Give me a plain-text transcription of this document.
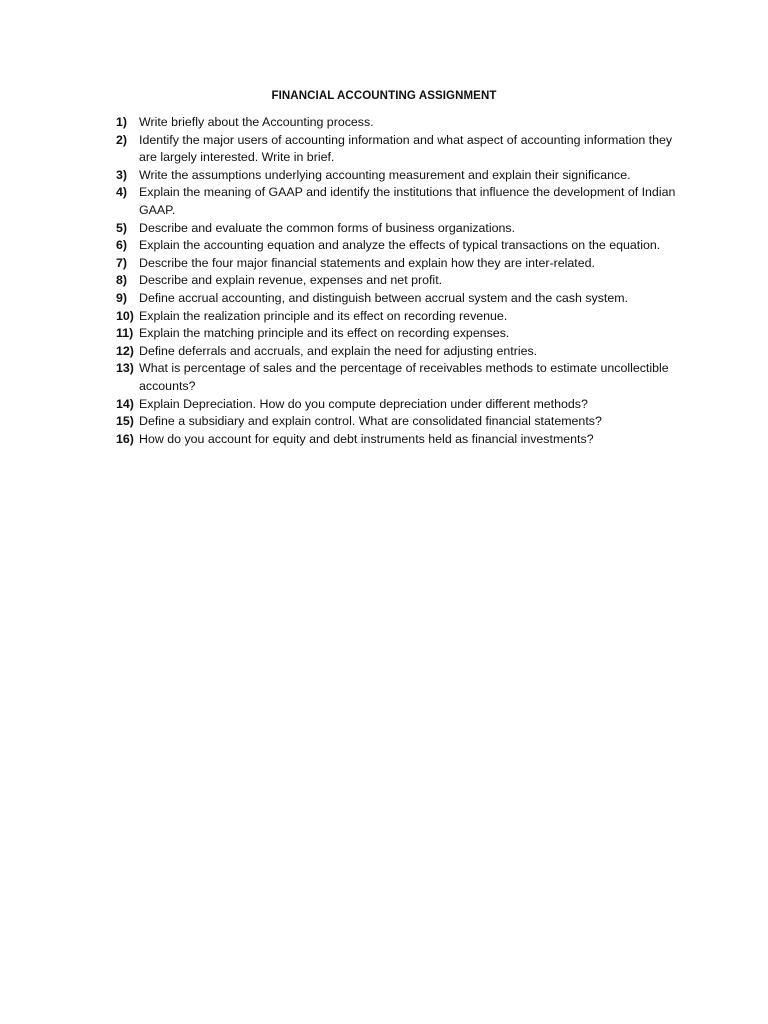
FINANCIAL ACCOUNTING ASSIGNMENT
1) Write briefly about the Accounting process.
2) Identify the major users of accounting information and what aspect of accounting information they are largely interested. Write in brief.
3) Write the assumptions underlying accounting measurement and explain their significance.
4) Explain the meaning of GAAP and identify the institutions that influence the development of Indian GAAP.
5) Describe and evaluate the common forms of business organizations.
6) Explain the accounting equation and analyze the effects of typical transactions on the equation.
7) Describe the four major financial statements and explain how they are inter-related.
8) Describe and explain revenue, expenses and net profit.
9) Define accrual accounting, and distinguish between accrual system and the cash system.
10) Explain the realization principle and its effect on recording revenue.
11) Explain the matching principle and its effect on recording expenses.
12) Define deferrals and accruals, and explain the need for adjusting entries.
13) What is percentage of sales and the percentage of receivables methods to estimate uncollectible accounts?
14) Explain Depreciation. How do you compute depreciation under different methods?
15) Define a subsidiary and explain control. What are consolidated financial statements?
16) How do you account for equity and debt instruments held as financial investments?
